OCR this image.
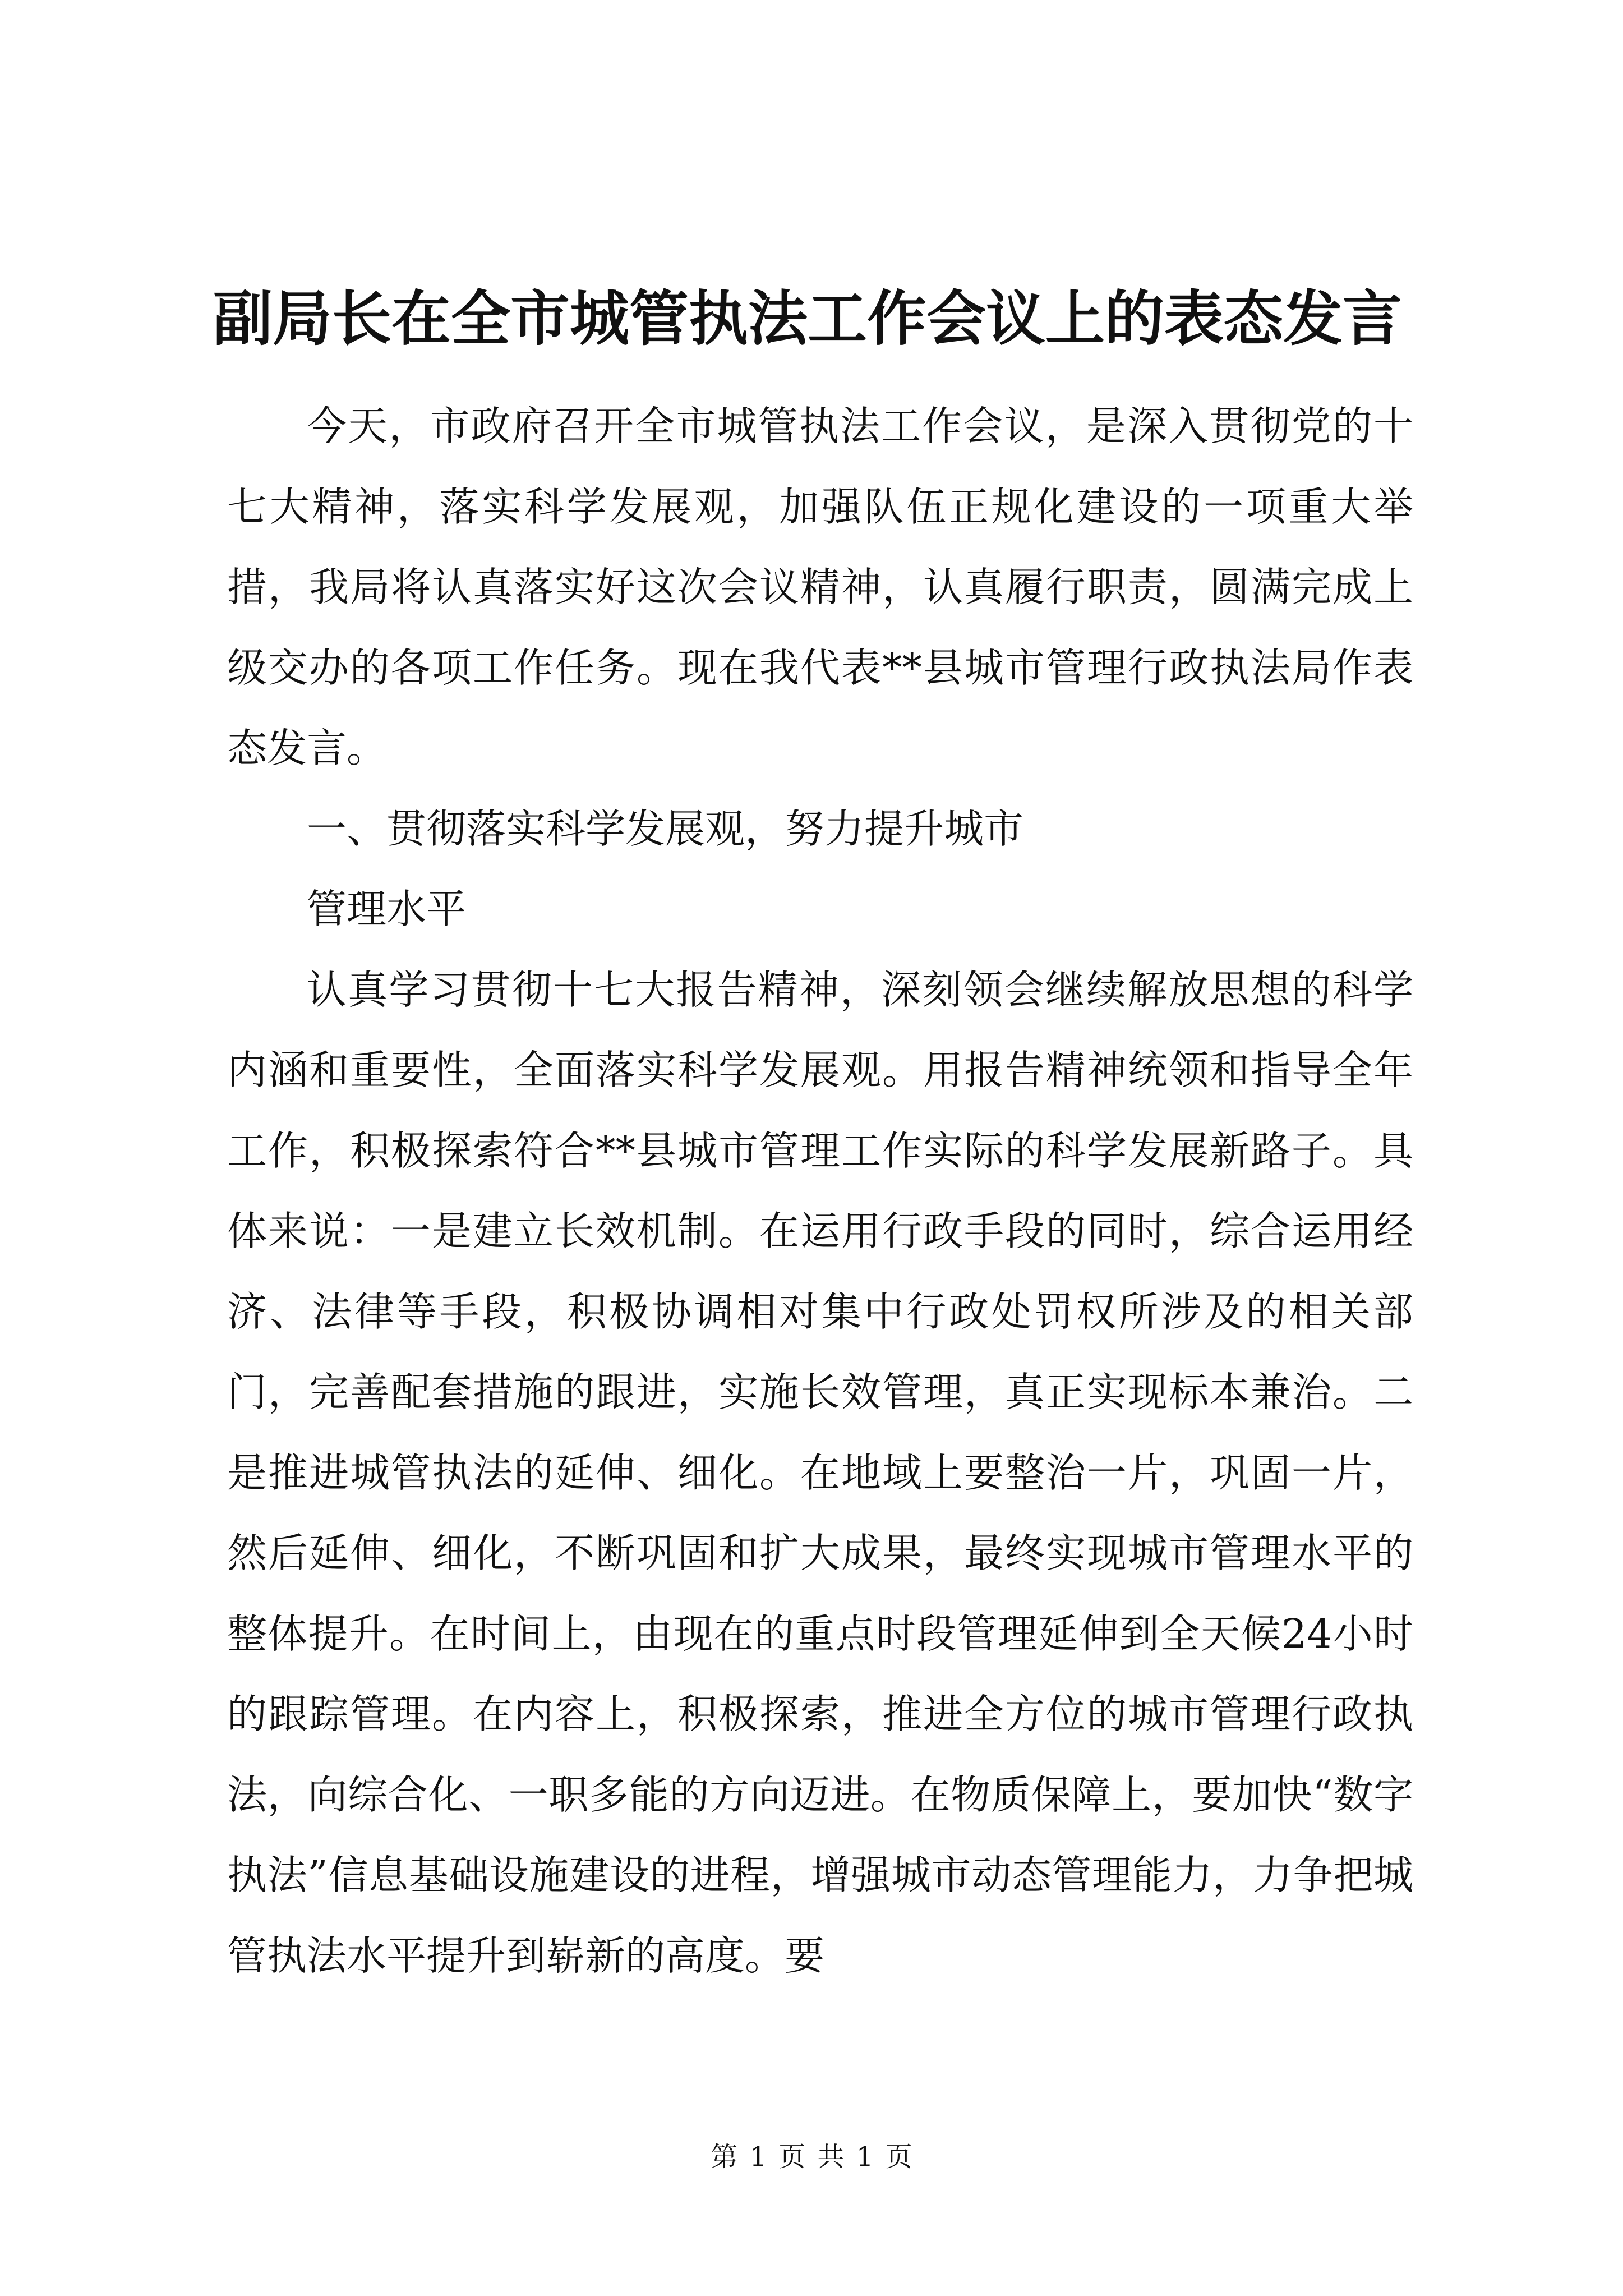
副局长在全市城管执法工作会议上的表态发言

今天，市政府召开全市城管执法工作会议，是深入贯彻党的十七大精神，落实科学发展观，加强队伍正规化建设的一项重大举措，我局将认真落实好这次会议精神，认真履行职责，圆满完成上级交办的各项工作任务。现在我代表**县城市管理行政执法局作表态发言。

一、贯彻落实科学发展观，努力提升城市

管理水平

认真学习贯彻十七大报告精神，深刻领会继续解放思想的科学内涵和重要性，全面落实科学发展观。用报告精神统领和指导全年工作，积极探索符合**县城市管理工作实际的科学发展新路子。具体来说：一是建立长效机制。在运用行政手段的同时，综合运用经济、法律等手段，积极协调相对集中行政处罚权所涉及的相关部门，完善配套措施的跟进，实施长效管理，真正实现标本兼治。二是推进城管执法的延伸、细化。在地域上要整治一片，巩固一片，然后延伸、细化，不断巩固和扩大成果，最终实现城市管理水平的整体提升。在时间上，由现在的重点时段管理延伸到全天候24小时的跟踪管理。在内容上，积极探索，推进全方位的城市管理行政执法，向综合化、一职多能的方向迈进。在物质保障上，要加快“数字执法”信息基础设施建设的进程，增强城市动态管理能力，力争把城管执法水平提升到崭新的高度。要

第 1 页 共 1 页
